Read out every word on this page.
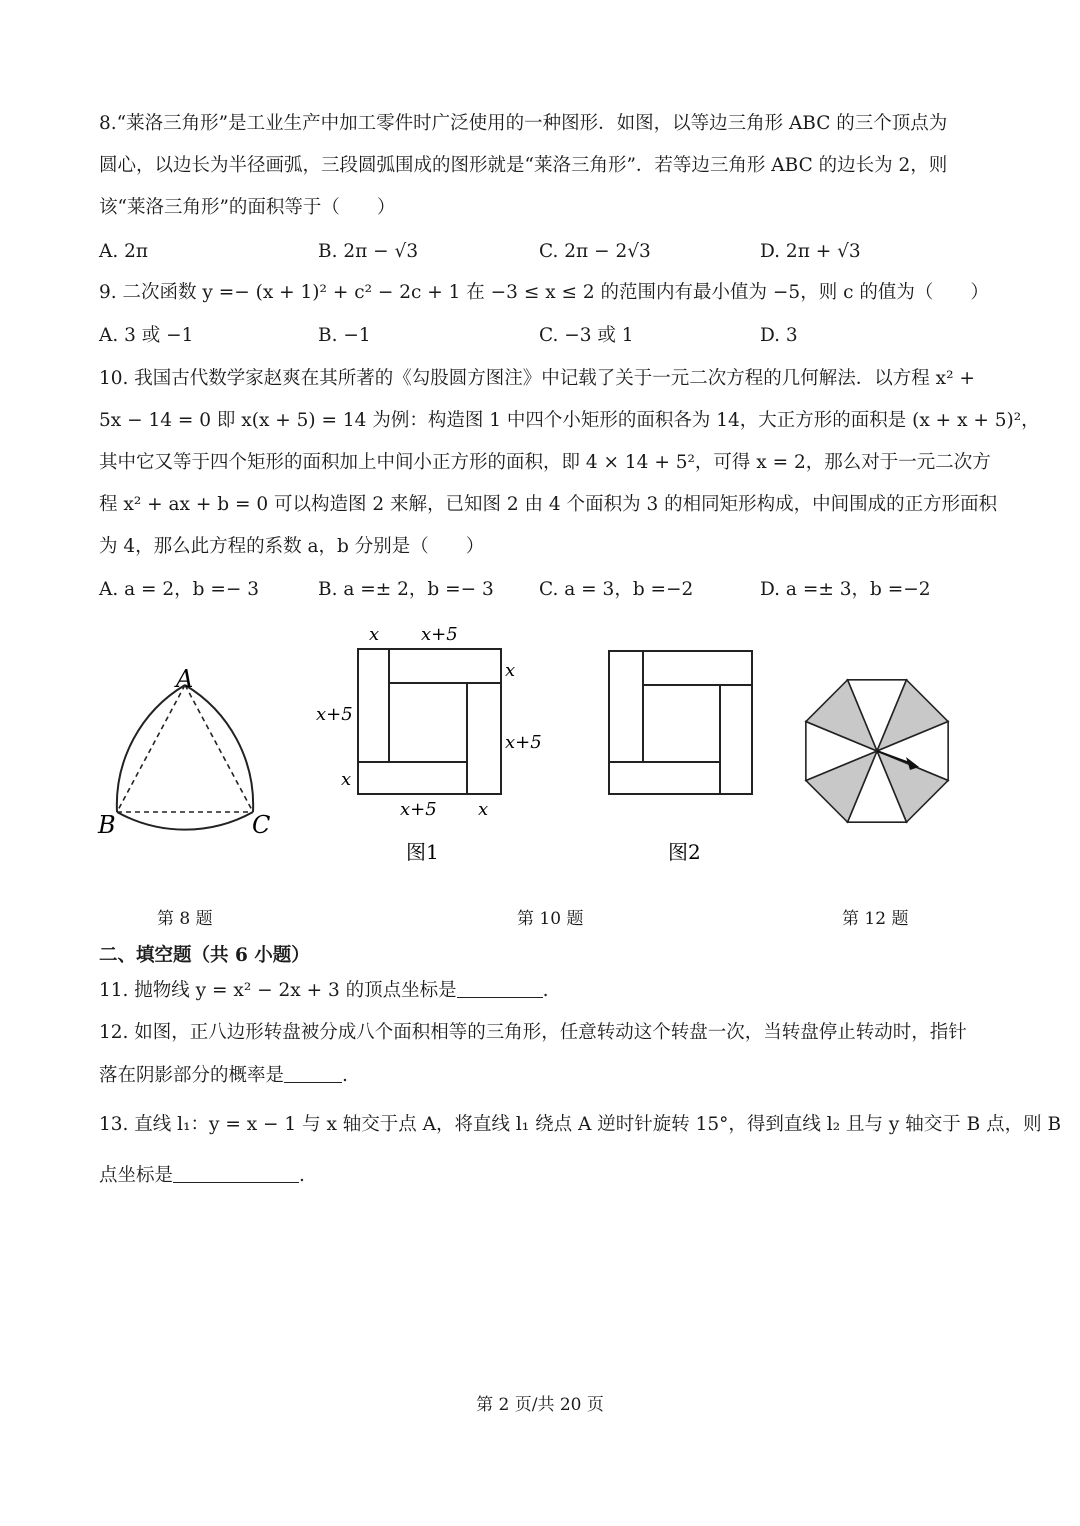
8.“莱洛三角形”是工业生产中加工零件时广泛使用的一种图形．如图，以等边三角形 ABC 的三个顶点为
圆心，以边长为半径画弧，三段圆弧围成的图形就是“莱洛三角形”．若等边三角形 ABC 的边长为 2，则
该“莱洛三角形”的面积等于（　　）
A. 2π	B. 2π − √3	C. 2π − 2√3	D. 2π + √3
9. 二次函数 y =− (x + 1)² + c² − 2c + 1 在 −3 ≤ x ≤ 2 的范围内有最小值为 −5，则 c 的值为（　　）
A. 3 或 −1	B. −1	C. −3 或 1	D. 3
10. 我国古代数学家赵爽在其所著的《勾股圆方图注》中记载了关于一元二次方程的几何解法．以方程 x² +
5x − 14 = 0 即 x(x + 5) = 14 为例：构造图 1 中四个小矩形的面积各为 14，大正方形的面积是 (x + x + 5)²，
其中它又等于四个矩形的面积加上中间小正方形的面积，即 4 × 14 + 5²，可得 x = 2，那么对于一元二次方
程 x² + ax + b = 0 可以构造图 2 来解，已知图 2 由 4 个面积为 3 的相同矩形构成，中间围成的正方形面积
为 4，那么此方程的系数 a，b 分别是（　　）
A. a = 2，b =− 3	B. a =± 2，b =− 3 C. a = 3，b =−2	D. a =± 3，b =−2
A
B	C
x x+5
x
x+5
x+5
x
x+5 x
图1	图2
第 8 题	第 10 题	第 12 题
二、填空题（共 6 小题）
11. 抛物线 y = x² − 2x + 3 的顶点坐标是	.
12. 如图，正八边形转盘被分成八个面积相等的三角形，任意转动这个转盘一次，当转盘停止转动时，指针
落在阴影部分的概率是	.
13. 直线 l₁：y = x − 1 与 x 轴交于点 A，将直线 l₁ 绕点 A 逆时针旋转 15°，得到直线 l₂ 且与 y 轴交于 B 点，则 B
点坐标是	.
第 2 页/共 20 页
